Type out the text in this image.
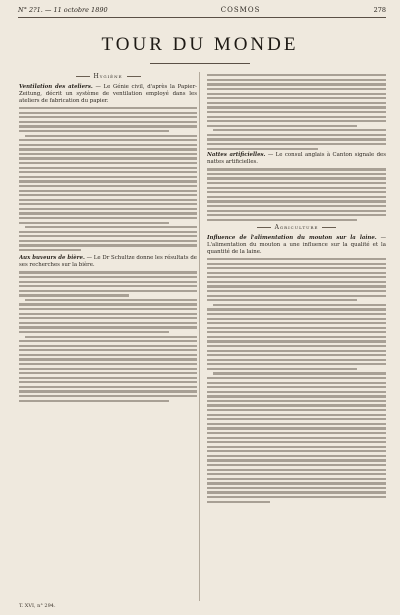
N° 2?1. — 11 octobre 1890	COSMOS	278
TOUR DU MONDE
Hygiène
Ventilation des ateliers. — Le Génie civil, d'après la Papier-Zeitung, décrit un système de ventilation employé dans les ateliers de fabrication du papier.
Aux buveurs de bière. — Le Dr Schultze donne les résultats de ses recherches sur la bière.
Nattes artificielles. — Le consul anglais à Canton signale des nattes artificielles.
Agriculture
Influence de l'alimentation du mouton sur la laine. — L'alimentation du mouton a une influence sur la qualité et la quantité de la laine.
T. XVI, n° 294.
